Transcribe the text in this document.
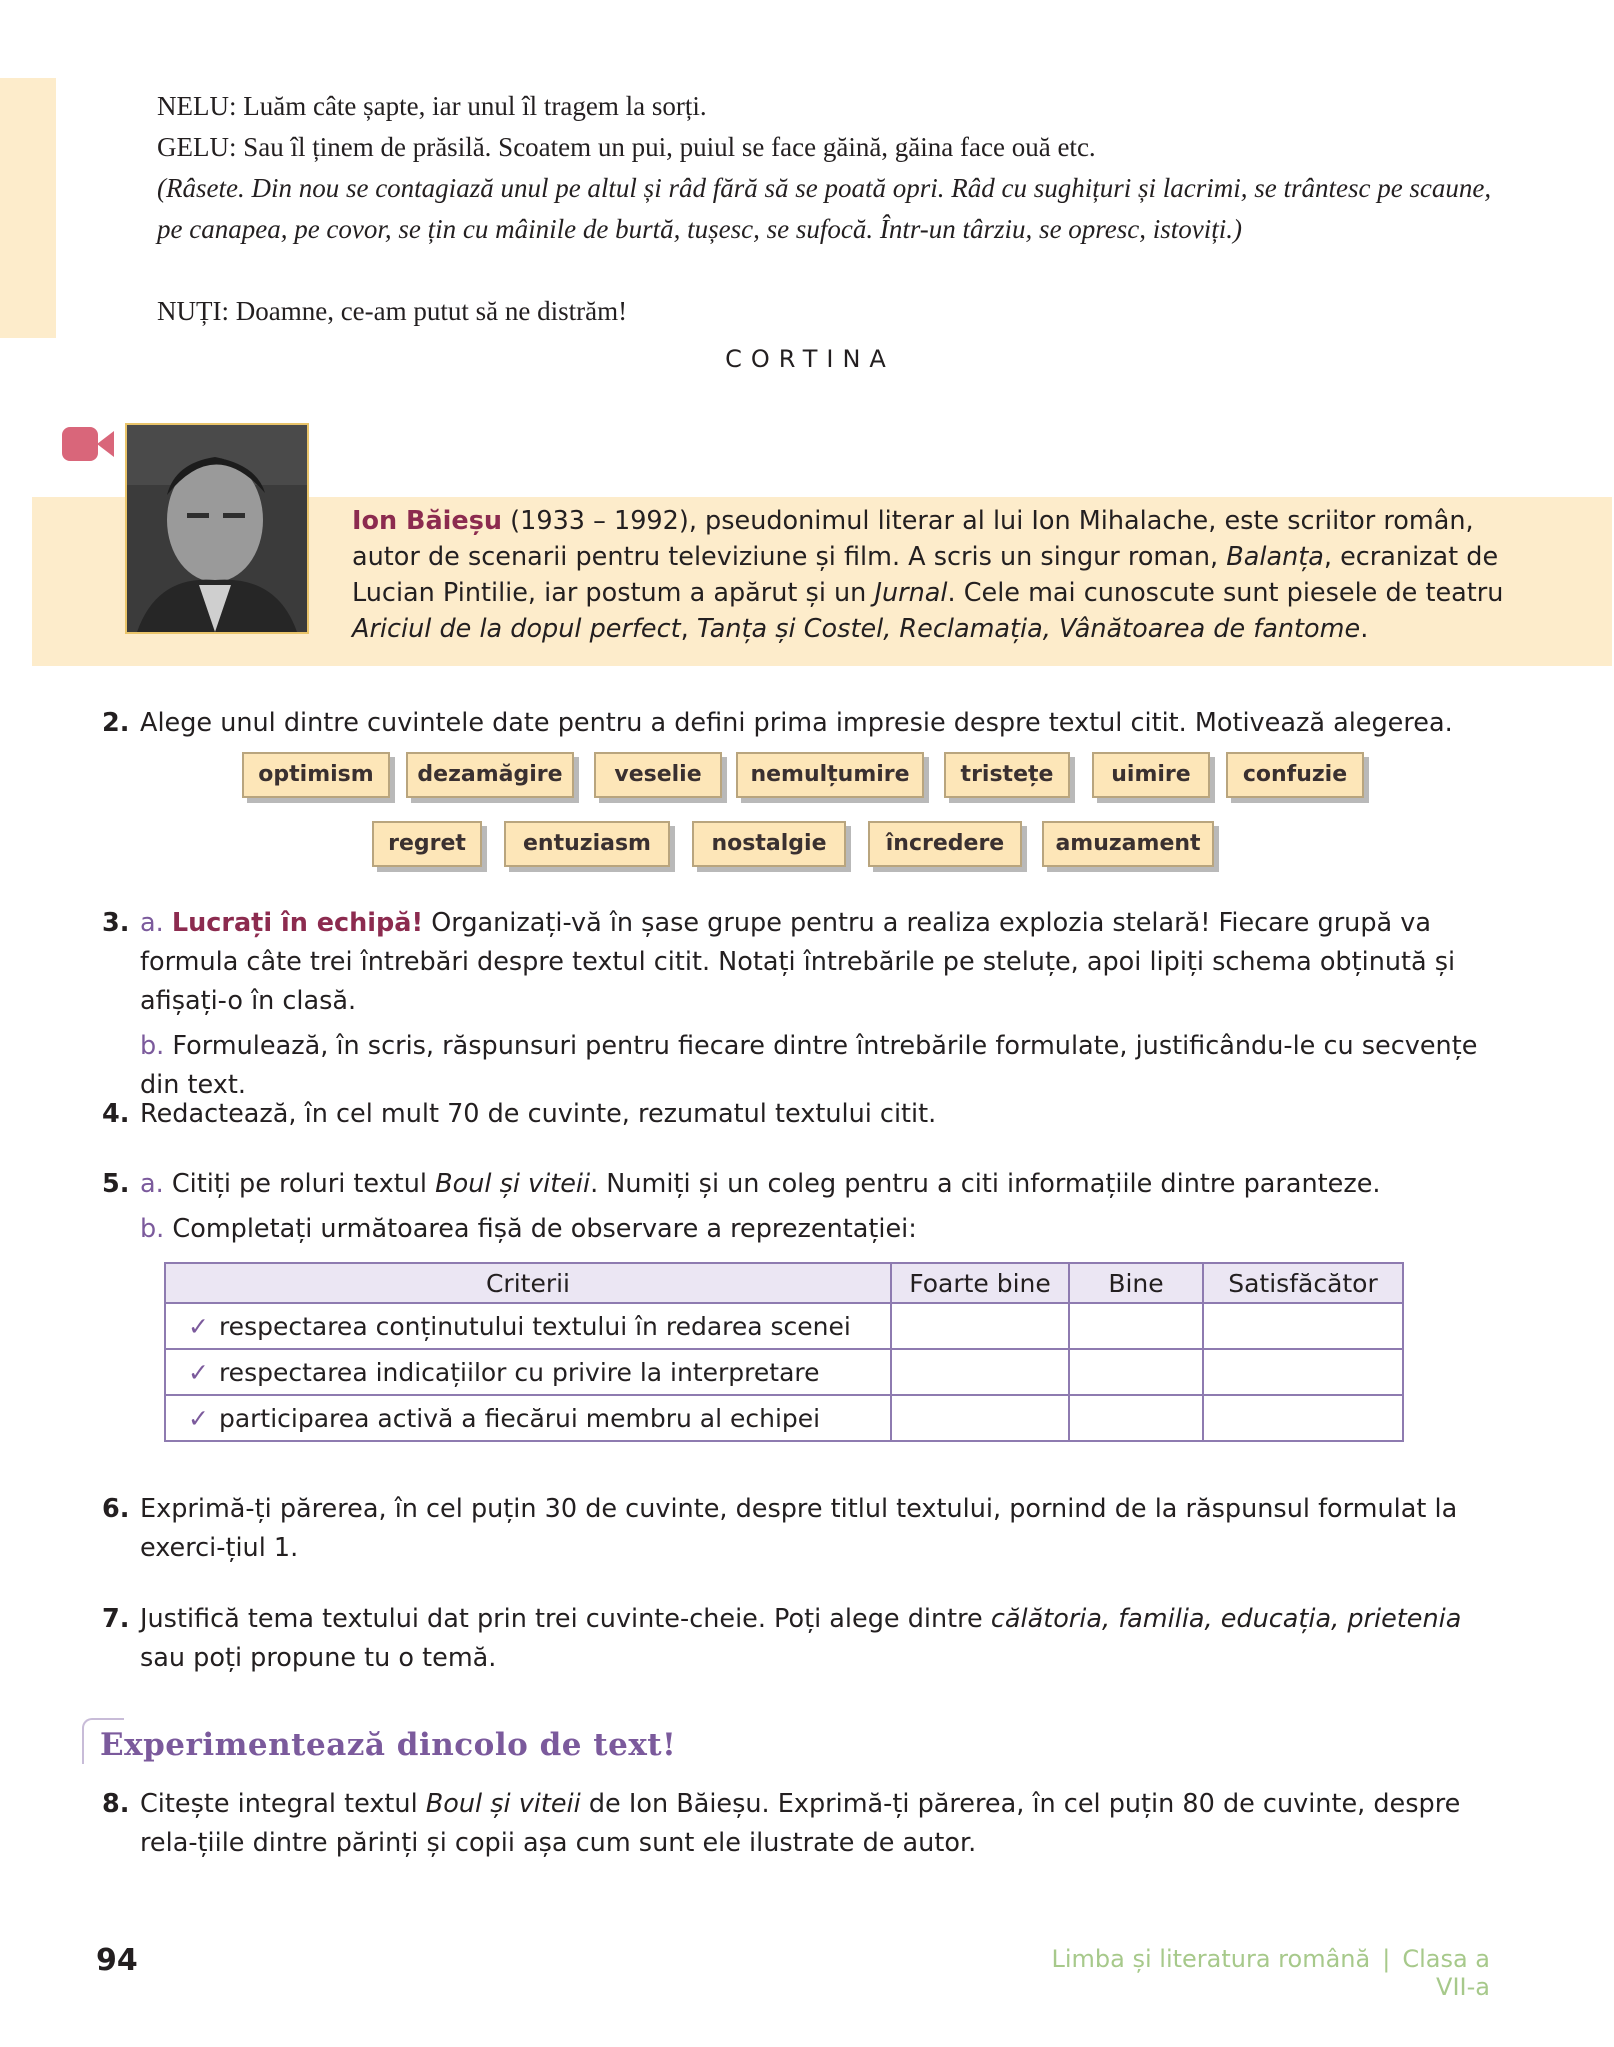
NELU: Luăm câte șapte, iar unul îl tragem la sorți.
GELU: Sau îl ținem de prăsilă. Scoatem un pui, puiul se face găină, găina face ouă etc.
(Râsete. Din nou se contagiază unul pe altul și râd fără să se poată opri. Râd cu sughițuri și lacrimi, se trântesc pe scaune, pe canapea, pe covor, se țin cu mâinile de burtă, tușesc, se sufocă. Într-un târziu, se opresc, istoviți.)
NUȚI: Doamne, ce-am putut să ne distrăm!
CORTINA
Ion Băieșu (1933 – 1992), pseudonimul literar al lui Ion Mihalache, este scriitor român, autor de scenarii pentru televiziune și film. A scris un singur roman, Balanța, ecranizat de Lucian Pintilie, iar postum a apărut și un Jurnal. Cele mai cunoscute sunt piesele de teatru Ariciul de la dopul perfect, Tanța și Costel, Reclamația, Vânătoarea de fantome.
2. Alege unul dintre cuvintele date pentru a defini prima impresie despre textul citit. Motivează alegerea.
optimism	dezamăgire	veselie	nemulțumire	tristețe	uimire	confuzie
regret	entuziasm	nostalgie	încredere	amuzament
3. a. Lucrați în echipă! Organizați-vă în șase grupe pentru a realiza explozia stelară! Fiecare grupă va formula câte trei întrebări despre textul citit. Notați întrebările pe steluțe, apoi lipiți schema obținută și afișați-o în clasă.
b. Formulează, în scris, răspunsuri pentru fiecare dintre întrebările formulate, justificându-le cu secvențe din text.
4. Redactează, în cel mult 70 de cuvinte, rezumatul textului citit.
5. a. Citiți pe roluri textul Boul și viteii. Numiți și un coleg pentru a citi informațiile dintre paranteze.
b. Completați următoarea fișă de observare a reprezentației:
Criterii	Foarte bine	Bine	Satisfăcător
✓ respectarea conținutului textului în redarea scenei			
✓ respectarea indicațiilor cu privire la interpretare			
✓ participarea activă a fiecărui membru al echipei			
6. Exprimă-ți părerea, în cel puțin 30 de cuvinte, despre titlul textului, pornind de la răspunsul formulat la exerci-țiul 1.
7. Justifică tema textului dat prin trei cuvinte-cheie. Poți alege dintre călătoria, familia, educația, prietenia sau poți propune tu o temă.
Experimentează dincolo de text!
8. Citește integral textul Boul și viteii de Ion Băieșu. Exprimă-ți părerea, în cel puțin 80 de cuvinte, despre rela-țiile dintre părinți și copii așa cum sunt ele ilustrate de autor.
94	Limba și literatura română | Clasa a VII-a
